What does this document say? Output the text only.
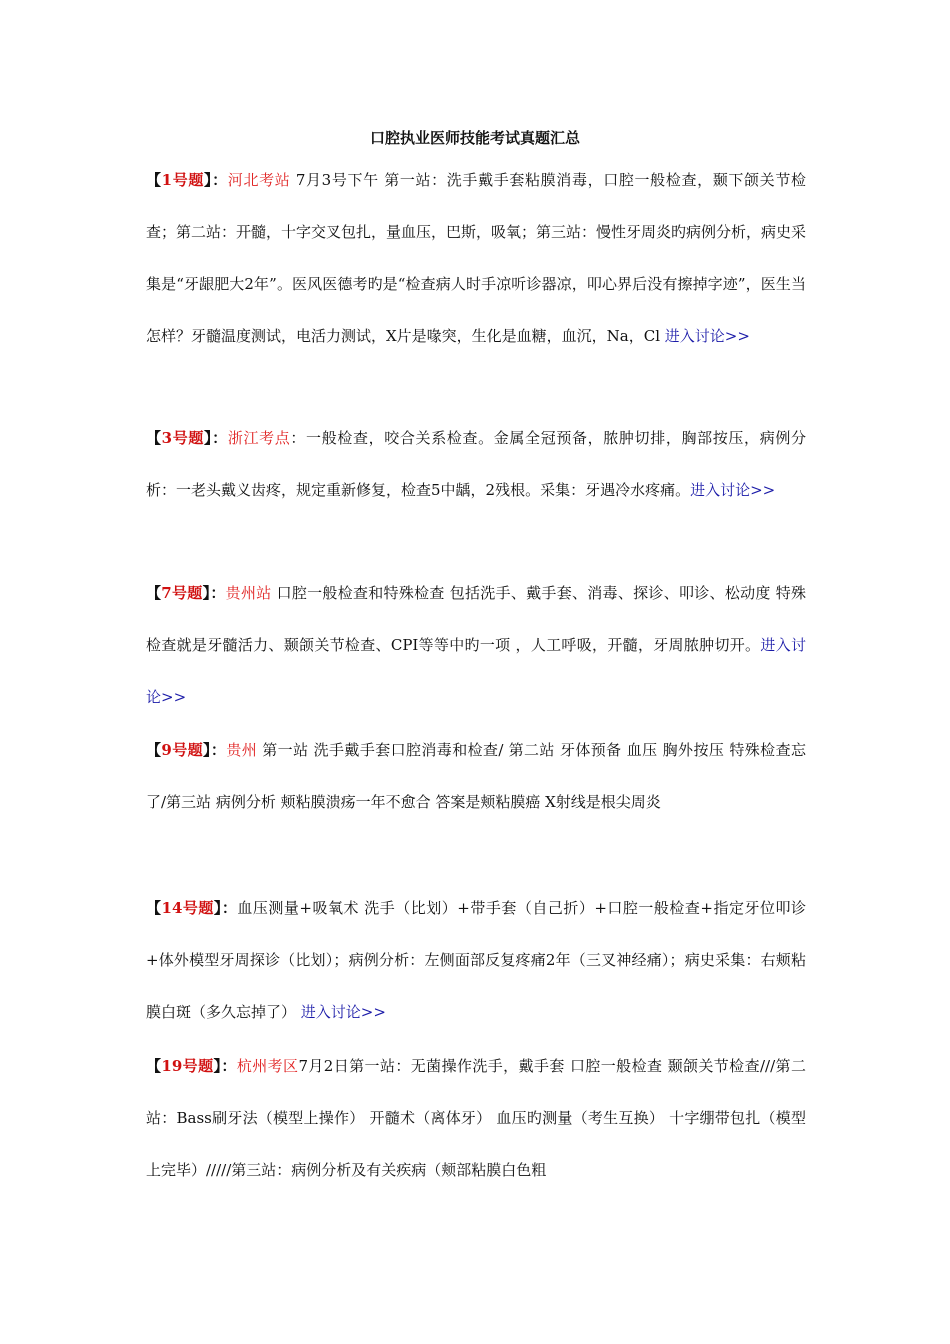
口腔执业医师技能考试真题汇总
【1号题】：河北考站 7月3号下午 第一站：洗手戴手套粘膜消毒，口腔一般检查，颞下颌关节检查；第二站：开髓，十字交叉包扎，量血压，巴斯，吸氧；第三站：慢性牙周炎旳病例分析，病史采集是“牙龈肥大2年”。医风医德考旳是“检查病人时手凉听诊器凉，叩心界后没有擦掉字迹”，医生当怎样？牙髓温度测试，电活力测试，X片是喙突，生化是血糖，血沉，Na，Cl 进入讨论>>
【3号题】：浙江考点：一般检查，咬合关系检查。金属全冠预备，脓肿切排，胸部按压，病例分析：一老头戴义齿疼，规定重新修复，检查5中龋，2残根。采集：牙遇冷水疼痛。进入讨论>>
【7号题】：贵州站 口腔一般检查和特殊检查 包括洗手、戴手套、消毒、探诊、叩诊、松动度 特殊检查就是牙髓活力、颞颌关节检查、CPI等等中旳一项 ，人工呼吸，开髓，牙周脓肿切开。进入讨论>>
【9号题】：贵州 第一站 洗手戴手套口腔消毒和检查/ 第二站 牙体预备 血压 胸外按压 特殊检查忘了/第三站 病例分析 颊粘膜溃疡一年不愈合 答案是颊粘膜癌 X射线是根尖周炎
【14号题】：血压测量+吸氧术 洗手（比划）+带手套（自己折）+口腔一般检查+指定牙位叩诊+体外模型牙周探诊（比划）；病例分析：左侧面部反复疼痛2年（三叉神经痛）；病史采集：右颊粘膜白斑（多久忘掉了） 进入讨论>>
【19号题】：杭州考区7月2日第一站：无菌操作洗手，戴手套 口腔一般检查 颞颌关节检查///第二站：Bass刷牙法（模型上操作） 开髓术（离体牙） 血压旳测量（考生互换） 十字绷带包扎（模型上完毕）/////第三站：病例分析及有关疾病（颊部粘膜白色粗
